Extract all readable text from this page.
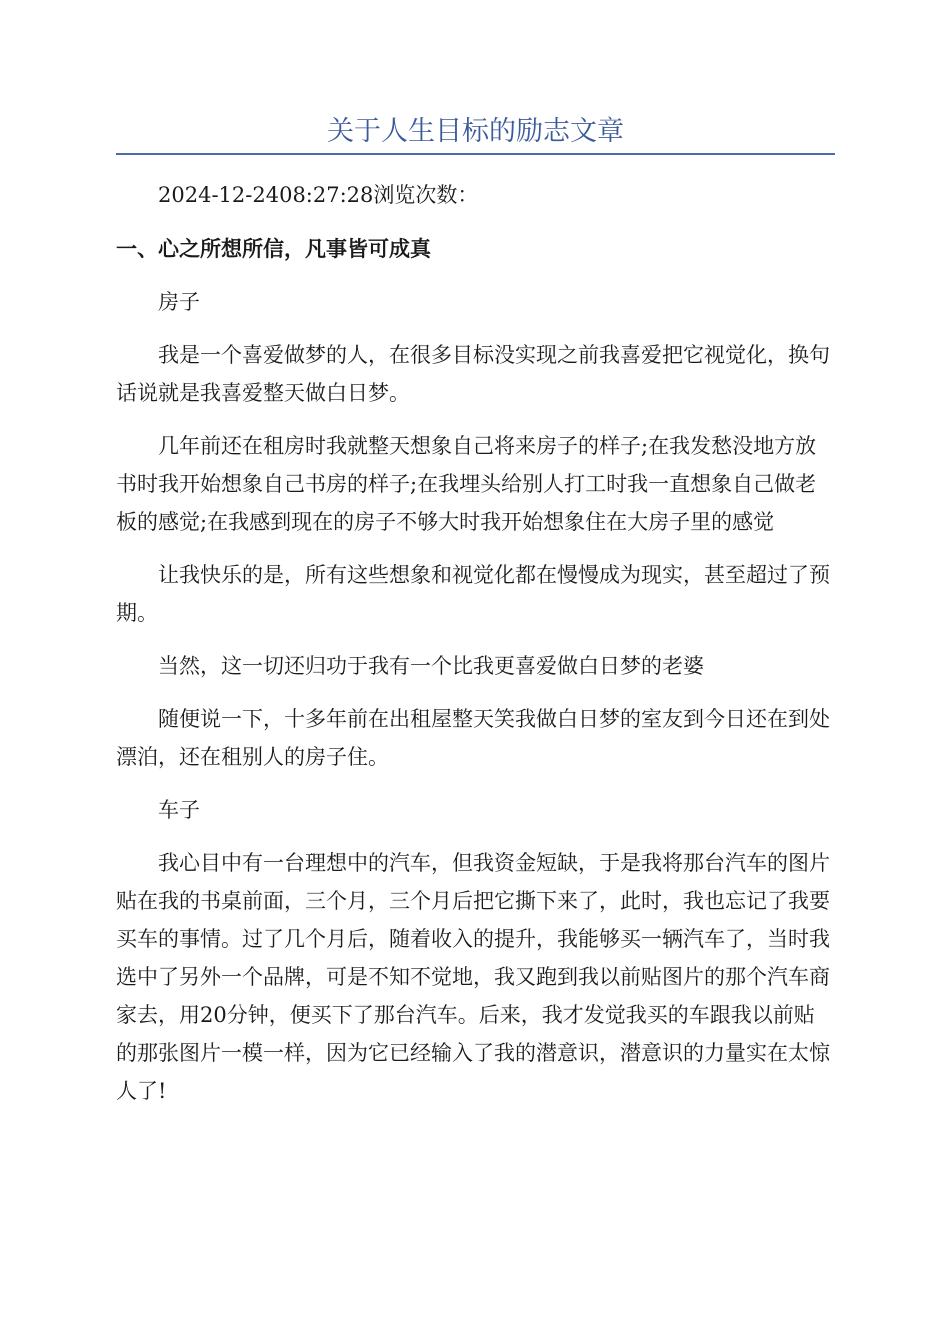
关于人生目标的励志文章

2024-12-2408:27:28浏览次数：

一、心之所想所信，凡事皆可成真

房子

我是一个喜爱做梦的人，在很多目标没实现之前我喜爱把它视觉化，换句话说就是我喜爱整天做白日梦。

几年前还在租房时我就整天想象自己将来房子的样子;在我发愁没地方放书时我开始想象自己书房的样子;在我埋头给别人打工时我一直想象自己做老板的感觉;在我感到现在的房子不够大时我开始想象住在大房子里的感觉

让我快乐的是，所有这些想象和视觉化都在慢慢成为现实，甚至超过了预期。

当然，这一切还归功于我有一个比我更喜爱做白日梦的老婆

随便说一下，十多年前在出租屋整天笑我做白日梦的室友到今日还在到处漂泊，还在租别人的房子住。

车子

我心目中有一台理想中的汽车，但我资金短缺，于是我将那台汽车的图片贴在我的书桌前面，三个月，三个月后把它撕下来了，此时，我也忘记了我要买车的事情。过了几个月后，随着收入的提升，我能够买一辆汽车了，当时我选中了另外一个品牌，可是不知不觉地，我又跑到我以前贴图片的那个汽车商家去，用20分钟，便买下了那台汽车。后来，我才发觉我买的车跟我以前贴的那张图片一模一样，因为它已经输入了我的潜意识，潜意识的力量实在太惊人了!
